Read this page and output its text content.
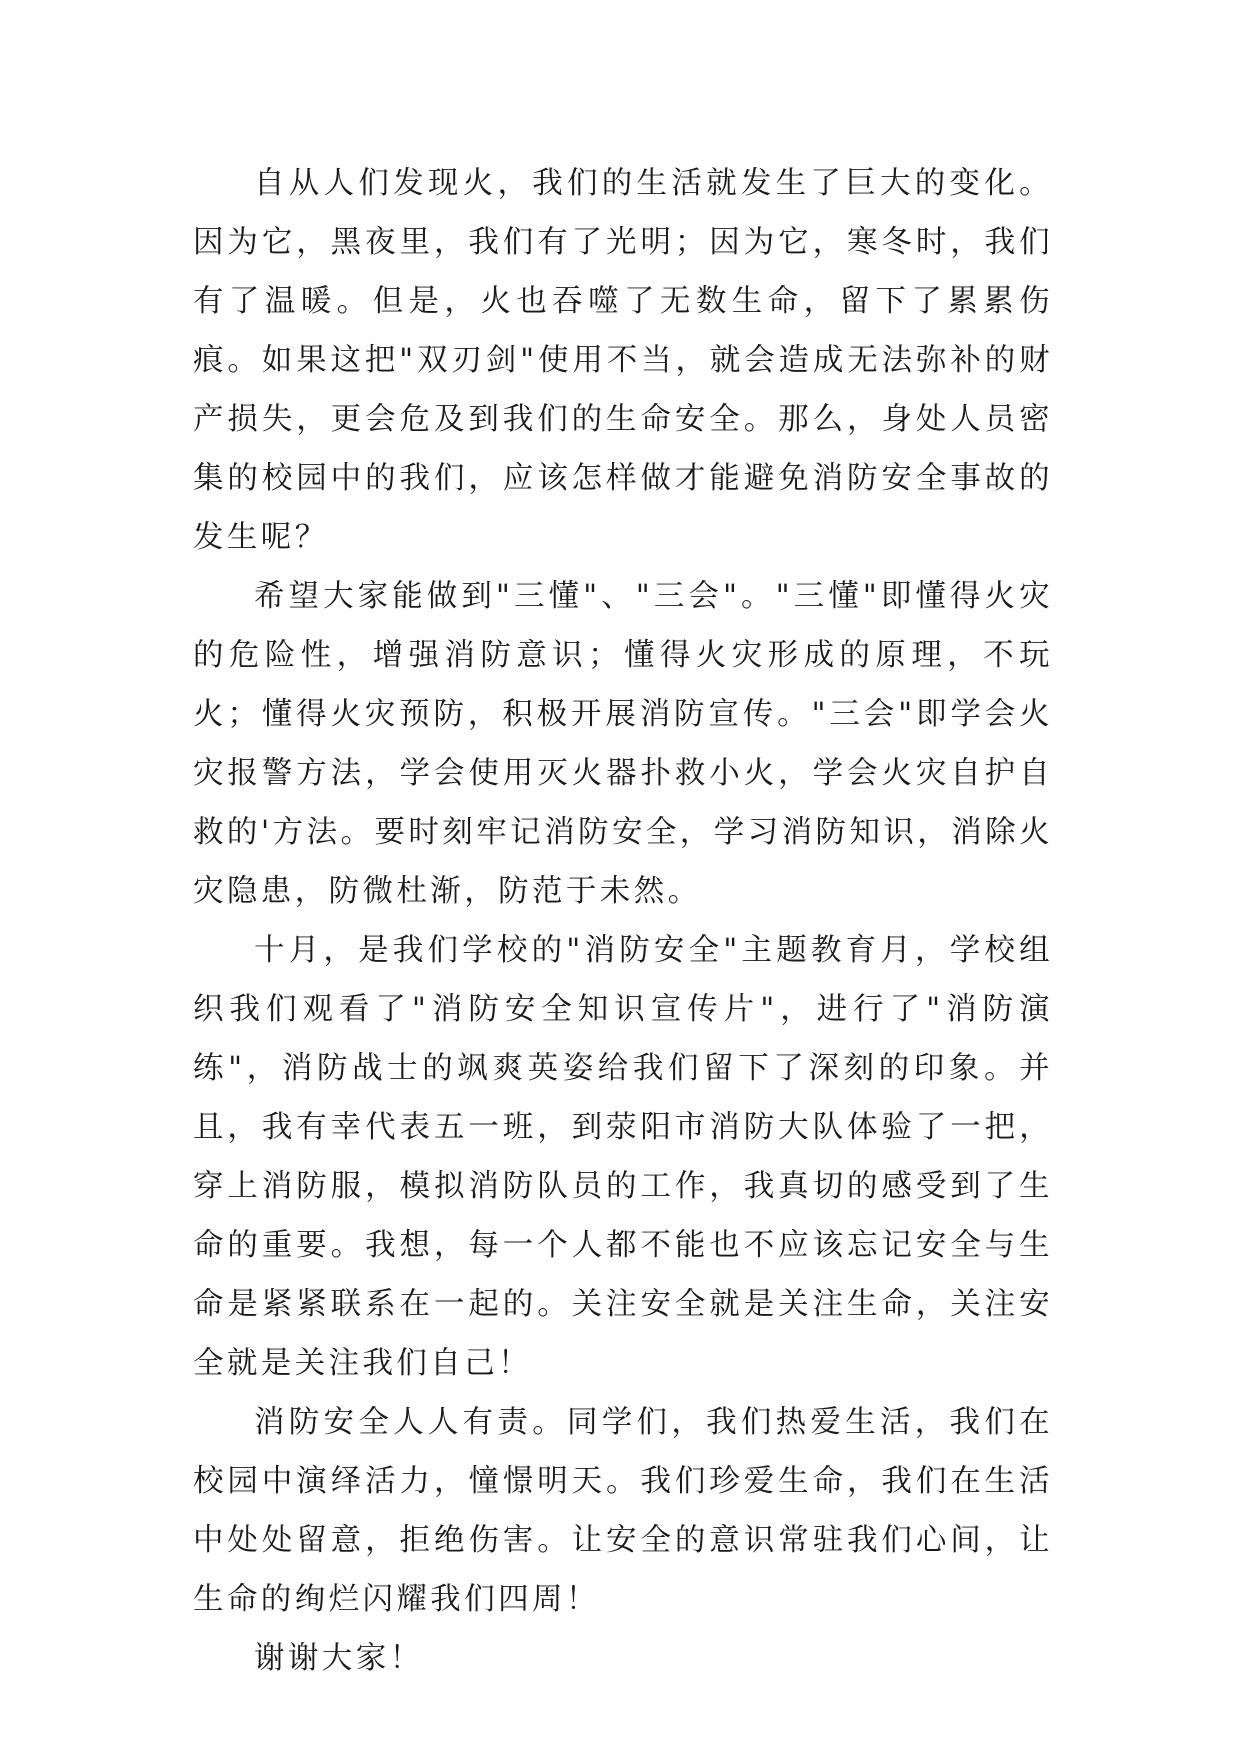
自从人们发现火，我们的生活就发生了巨大的变化。因为它，黑夜里，我们有了光明；因为它，寒冬时，我们有了温暖。但是，火也吞噬了无数生命，留下了累累伤痕。如果这把"双刃剑"使用不当，就会造成无法弥补的财产损失，更会危及到我们的生命安全。那么，身处人员密集的校园中的我们，应该怎样做才能避免消防安全事故的发生呢？

希望大家能做到"三懂"、"三会"。"三懂"即懂得火灾的危险性，增强消防意识；懂得火灾形成的原理，不玩火；懂得火灾预防，积极开展消防宣传。"三会"即学会火灾报警方法，学会使用灭火器扑救小火，学会火灾自护自救的'方法。要时刻牢记消防安全，学习消防知识，消除火灾隐患，防微杜渐，防范于未然。

十月，是我们学校的"消防安全"主题教育月，学校组织我们观看了"消防安全知识宣传片"，进行了"消防演练"，消防战士的飒爽英姿给我们留下了深刻的印象。并且，我有幸代表五一班，到荥阳市消防大队体验了一把，穿上消防服，模拟消防队员的工作，我真切的感受到了生命的重要。我想，每一个人都不能也不应该忘记安全与生命是紧紧联系在一起的。关注安全就是关注生命，关注安全就是关注我们自己！

消防安全人人有责。同学们，我们热爱生活，我们在校园中演绎活力，憧憬明天。我们珍爱生命，我们在生活中处处留意，拒绝伤害。让安全的意识常驻我们心间，让生命的绚烂闪耀我们四周！

谢谢大家！
